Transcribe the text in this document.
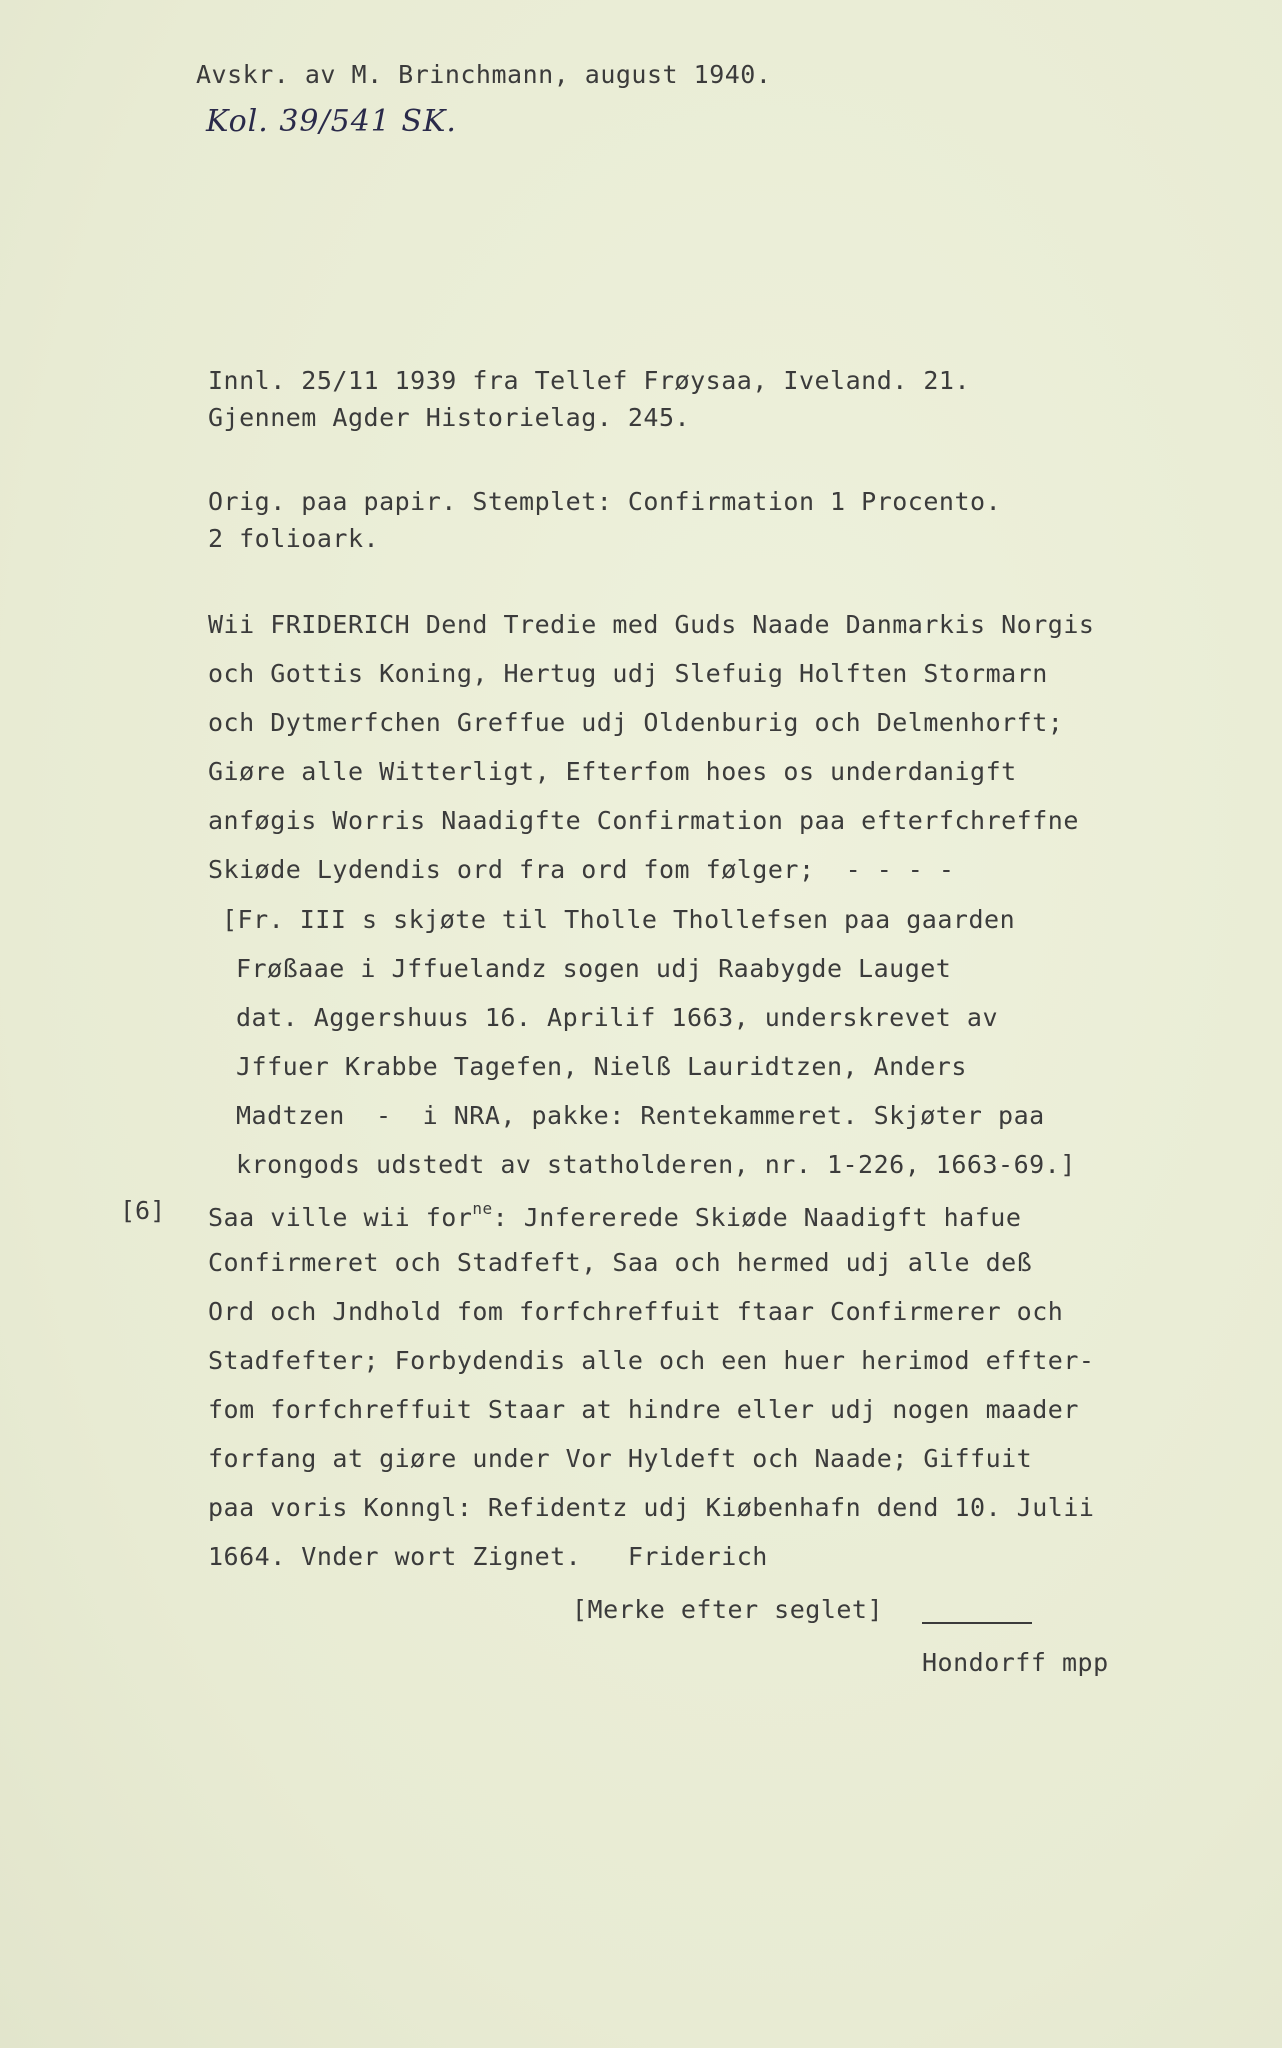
Avskr. av M. Brinchmann, august 1940.
Kol. 39/541 SK.
Innl. 25/11 1939 fra Tellef Frøysaa, Iveland. 21.
Gjennem Agder Historielag. 245.
Orig. paa papir. Stemplet: Confirmation 1 Procento.
2 folioark.
Wii FRIDERICH Dend Tredie med Guds Naade Danmarkis Norgis
och Gottis Koning, Hertug udj Slefuig Holften Stormarn
och Dytmerfchen Greffue udj Oldenburig och Delmenhorft;
Giøre alle Witterligt, Efterfom hoes os underdanigft
anføgis Worris Naadigfte Confirmation paa efterfchreffne
Skiøde Lydendis ord fra ord fom følger;  - - - -
[Fr. III s skjøte til Tholle Thollefsen paa gaarden
Frøßaae i Jffuelandz sogen udj Raabygde Lauget
dat. Aggershuus 16. Aprilif 1663, underskrevet av
Jffuer Krabbe Tagefen, Nielß Lauridtzen, Anders
Madtzen  -  i NRA, pakke: Rentekammeret. Skjøter paa
krongods udstedt av statholderen, nr. 1-226, 1663-69.]
[6] Saa ville wii for$^{ne}$: Jnfererede Skiøde Naadigft hafue
Confirmeret och Stadfeft, Saa och hermed udj alle deß
Ord och Jndhold fom forfchreffuit ftaar Confirmerer och
Stadfefter; Forbydendis alle och een huer herimod effter-
fom forfchreffuit Staar at hindre eller udj nogen maader
forfang at giøre under Vor Hyldeft och Naade; Giffuit
paa voris Konngl: Refidentz udj Kiøbenhafn dend 10. Julii
1664. Vnder wort Zignet.   Friderich
[Merke efter seglet]
Hondorff mpp
